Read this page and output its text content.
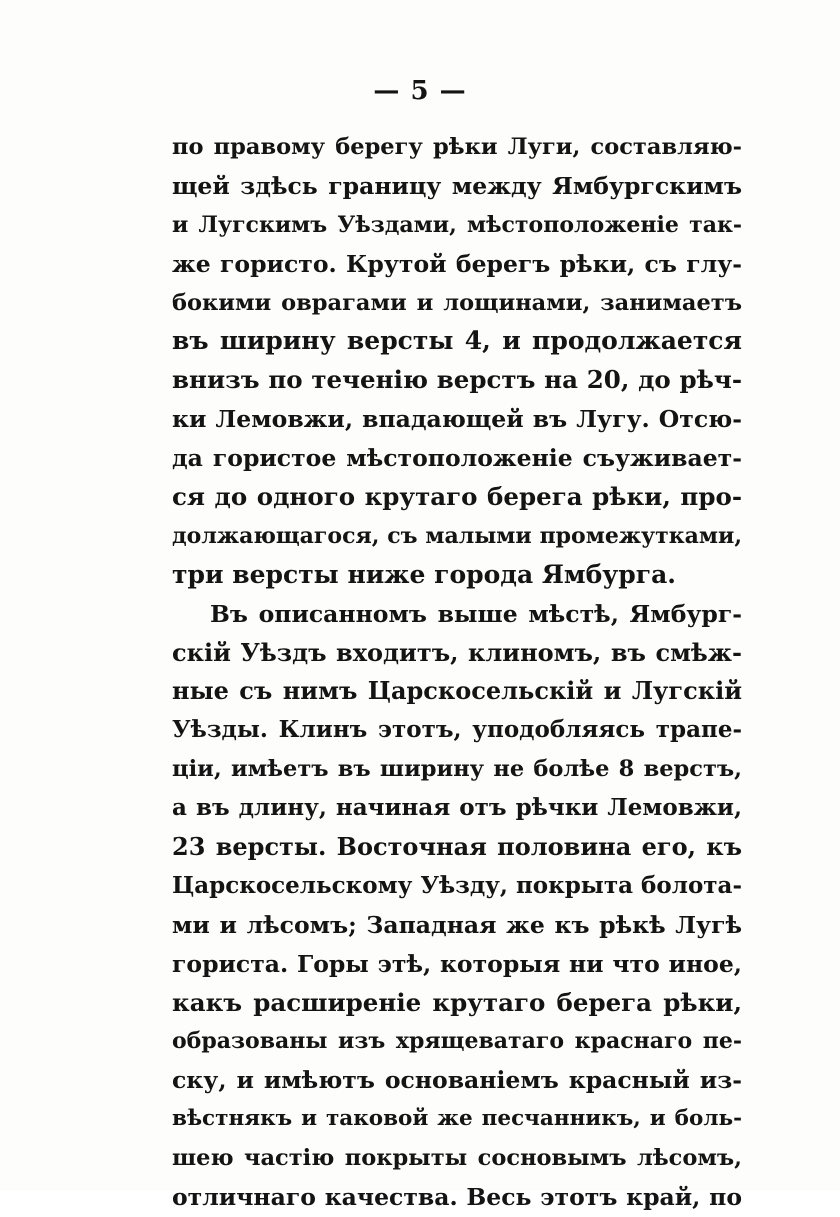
— 5 —
по правому берегу рѣки Луги, составляю-
щей здѣсь границу между Ямбургскимъ
и Лугскимъ Уѣздами, мѣстоположеніе так-
же гористо. Крутой берегъ рѣки, съ глу-
бокими оврагами и лощинами, занимаетъ
въ ширину версты 4, и продолжается
внизъ по теченію верстъ на 20, до рѣч-
ки Лемовжи, впадающей въ Лугу. Отсю-
да гористое мѣстоположеніе съуживает-
ся до одного крутаго берега рѣки, про-
должающагося, съ малыми промежутками,
три версты ниже города Ямбурга.
Въ описанномъ выше мѣстѣ, Ямбург-
скій Уѣздъ входитъ, клиномъ, въ смѣж-
ные съ нимъ Царскосельскій и Лугскій
Уѣзды. Клинъ этотъ, уподобляясь трапе-
ціи, имѣетъ въ ширину не болѣе 8 верстъ,
а въ длину, начиная отъ рѣчки Лемовжи,
23 версты. Восточная половина его, къ
Царскосельскому Уѣзду, покрыта болота-
ми и лѣсомъ; Западная же къ рѣкѣ Лугѣ
гориста. Горы этѣ, которыя ни что иное,
какъ расширеніе крутаго берега рѣки,
образованы изъ хрящеватаго краснаго пе-
ску, и имѣютъ основаніемъ красный из-
вѣстнякъ и таковой же песчанникъ, и боль-
шею частію покрыты сосновымъ лѣсомъ,
отличнаго качества. Весь этотъ край, по
